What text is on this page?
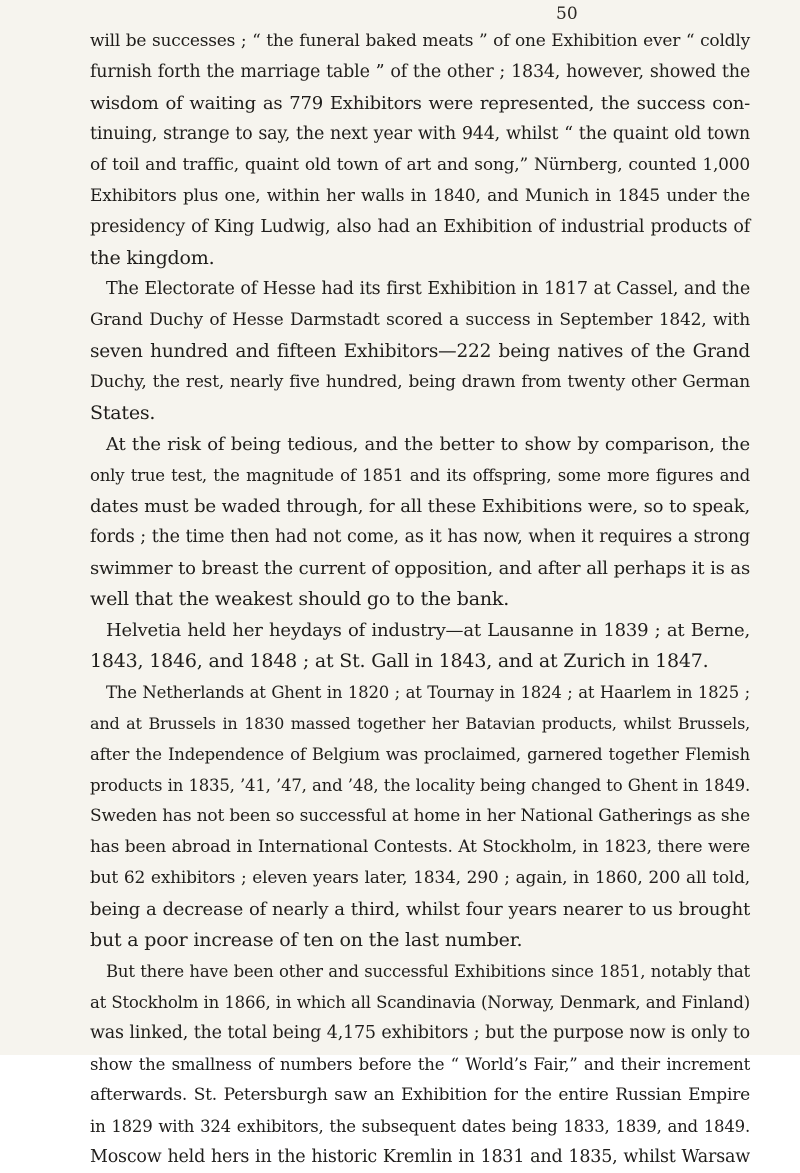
50
will be successes ; “ the funeral baked meats ” of one Exhibition ever “ coldly
furnish forth the marriage table ” of the other ; 1834, however, showed the
wisdom of waiting as 779 Exhibitors were represented, the success con-
tinuing, strange to say, the next year with 944, whilst “ the quaint old town
of toil and traffic, quaint old town of art and song,” Nürnberg, counted 1,000
Exhibitors plus one, within her walls in 1840, and Munich in 1845 under the
presidency of King Ludwig, also had an Exhibition of industrial products of
the kingdom.
The Electorate of Hesse had its first Exhibition in 1817 at Cassel, and the
Grand Duchy of Hesse Darmstadt scored a success in September 1842, with
seven hundred and fifteen Exhibitors—222 being natives of the Grand
Duchy, the rest, nearly five hundred, being drawn from twenty other German
States.
At the risk of being tedious, and the better to show by comparison, the
only true test, the magnitude of 1851 and its offspring, some more figures and
dates must be waded through, for all these Exhibitions were, so to speak,
fords ; the time then had not come, as it has now, when it requires a strong
swimmer to breast the current of opposition, and after all perhaps it is as
well that the weakest should go to the bank.
Helvetia held her heydays of industry—at Lausanne in 1839 ; at Berne,
1843, 1846, and 1848 ; at St. Gall in 1843, and at Zurich in 1847.
The Netherlands at Ghent in 1820 ; at Tournay in 1824 ; at Haarlem in 1825 ;
and at Brussels in 1830 massed together her Batavian products, whilst Brussels,
after the Independence of Belgium was proclaimed, garnered together Flemish
products in 1835, ’41, ’47, and ’48, the locality being changed to Ghent in 1849.
Sweden has not been so successful at home in her National Gatherings as she
has been abroad in International Contests. At Stockholm, in 1823, there were
but 62 exhibitors ; eleven years later, 1834, 290 ; again, in 1860, 200 all told,
being a decrease of nearly a third, whilst four years nearer to us brought
but a poor increase of ten on the last number.
But there have been other and successful Exhibitions since 1851, notably that
at Stockholm in 1866, in which all Scandinavia (Norway, Denmark, and Finland)
was linked, the total being 4,175 exhibitors ; but the purpose now is only to
show the smallness of numbers before the “ World’s Fair,” and their increment
afterwards. St. Petersburgh saw an Exhibition for the entire Russian Empire
in 1829 with 324 exhibitors, the subsequent dates being 1833, 1839, and 1849.
Moscow held hers in the historic Kremlin in 1831 and 1835, whilst Warsaw
